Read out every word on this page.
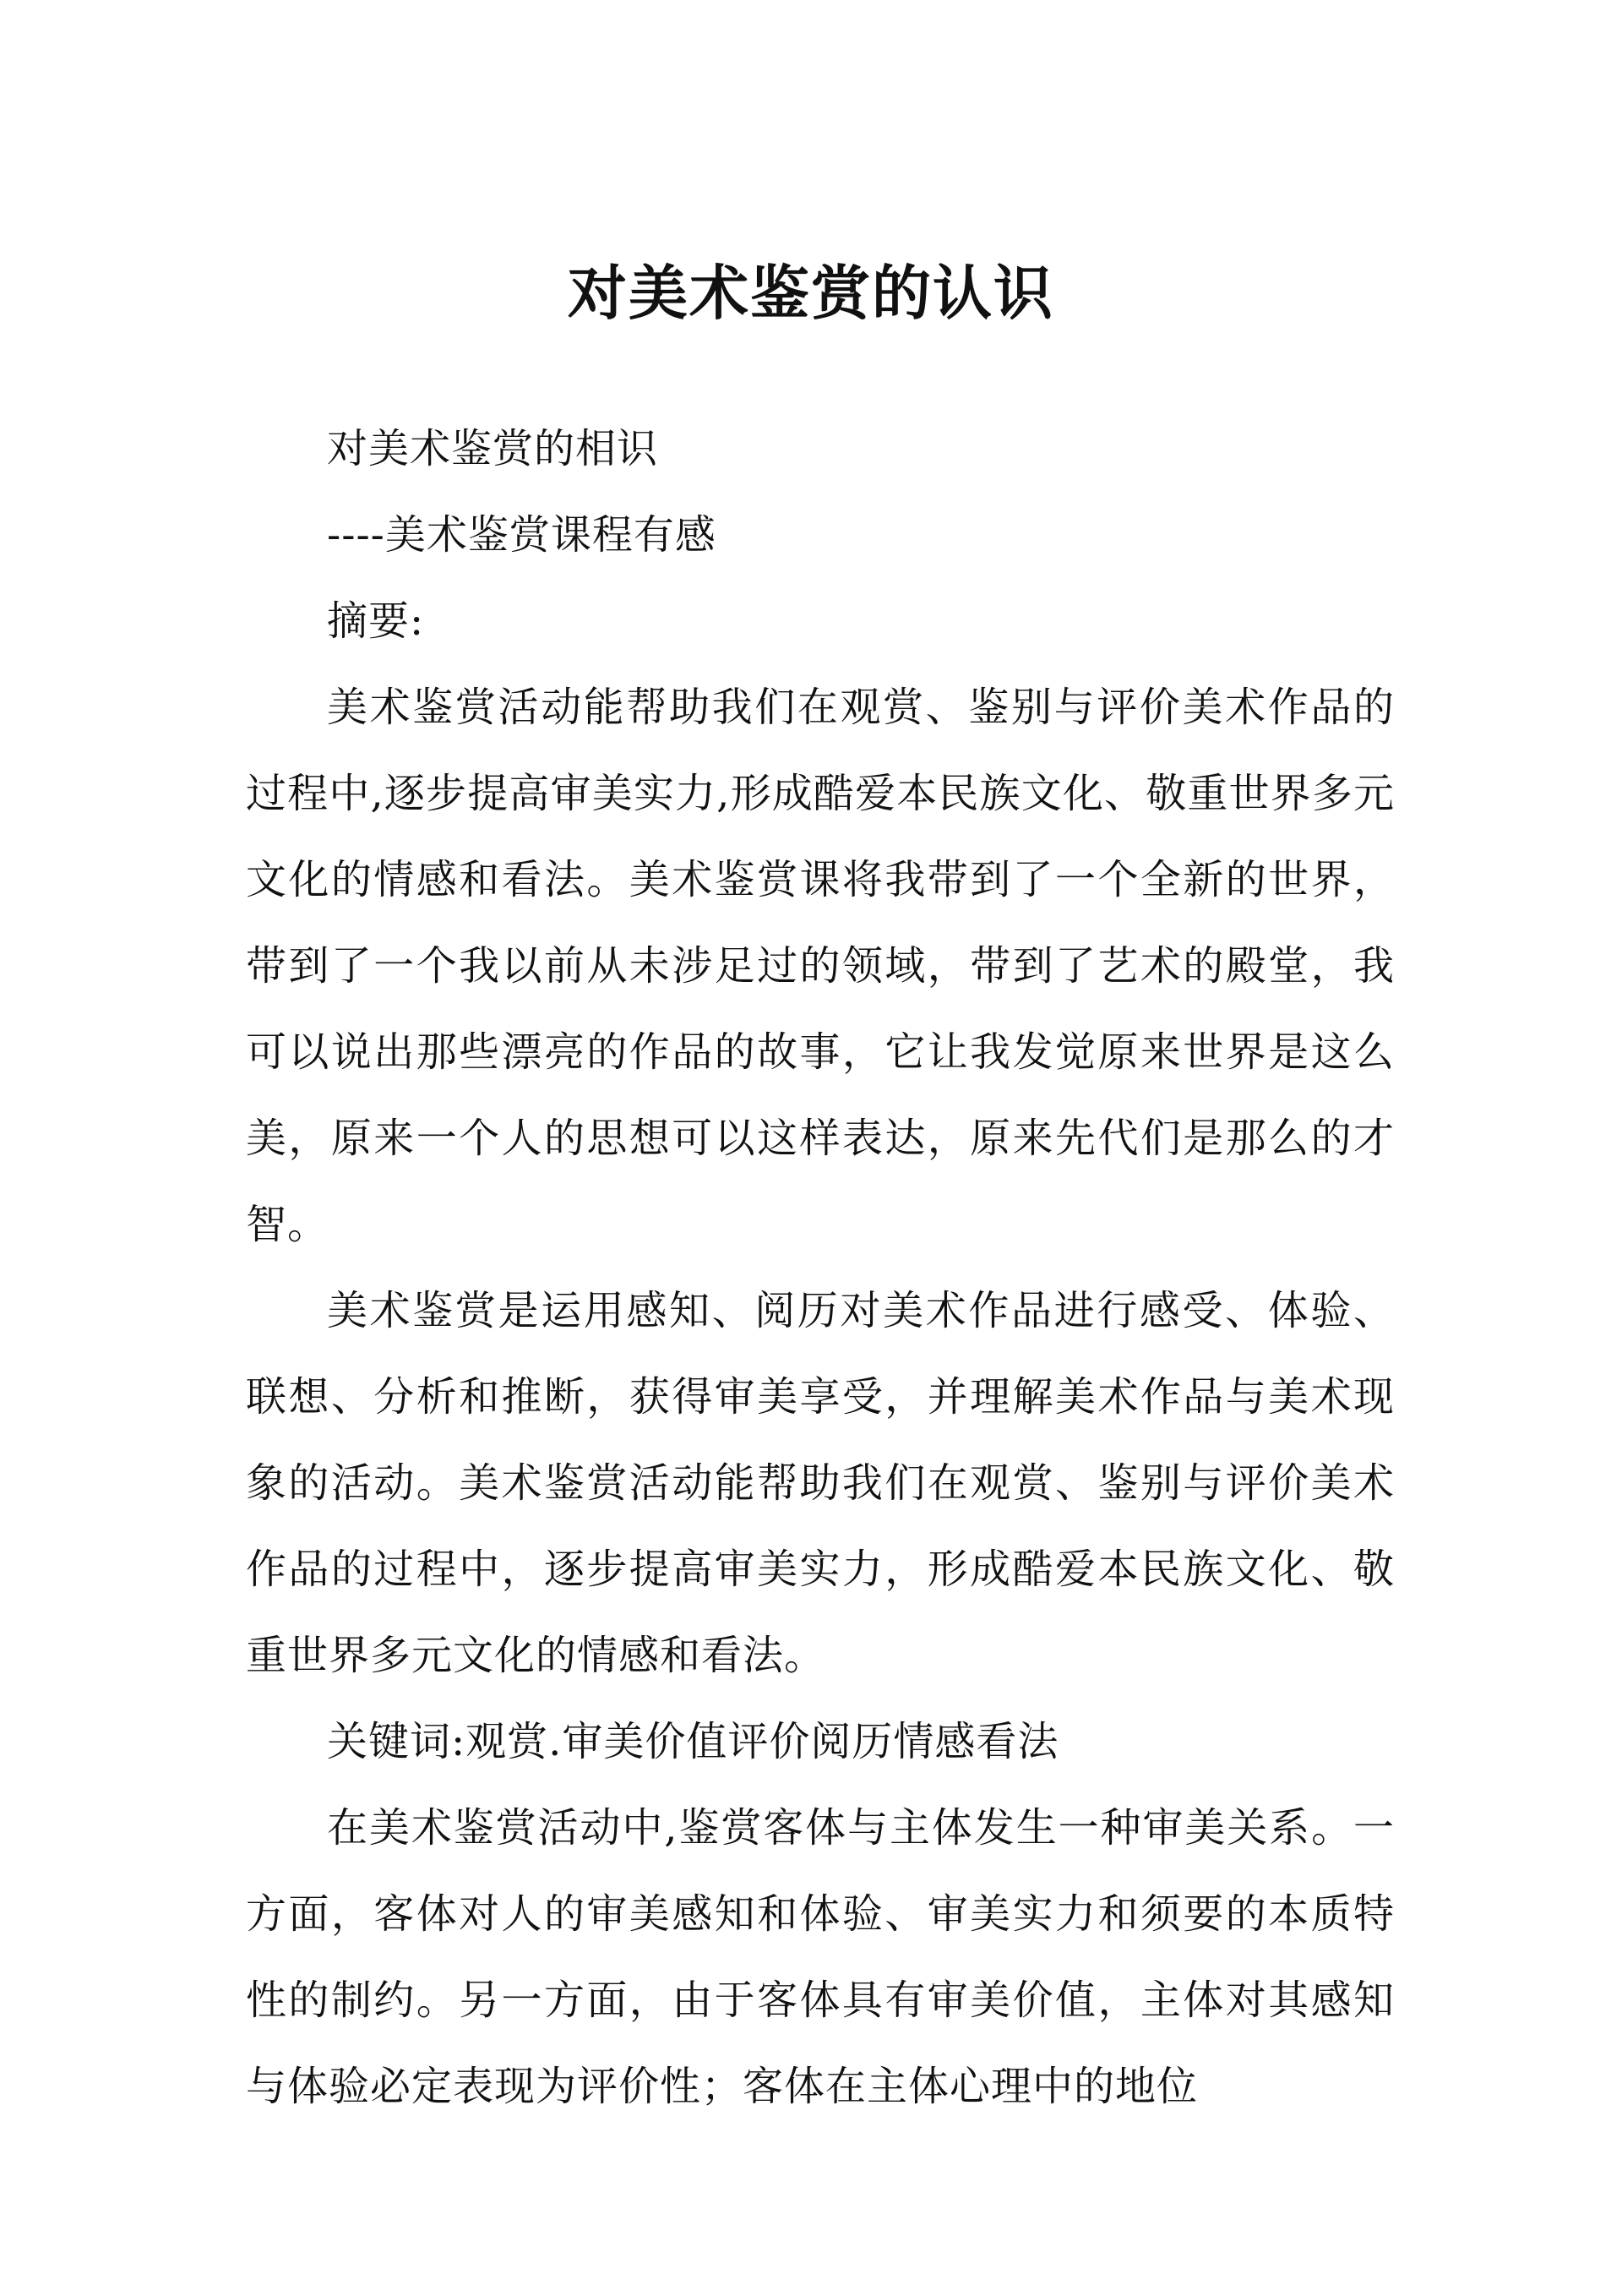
对美术鉴赏的认识

对美术鉴赏的相识

----美术鉴赏课程有感

摘要:

美术鉴赏活动能帮助我们在观赏、鉴别与评价美术作品的过程中,逐步提高审美实力,形成酷爱本民族文化、敬重世界多元文化的情感和看法。美术鉴赏课将我带到了一个全新的世界，带到了一个我以前从未涉足过的领域，带到了艺术的殿堂，我可以说出那些漂亮的作品的故事，它让我发觉原来世界是这么美，原来一个人的思想可以这样表达，原来先代们是那么的才智。

美术鉴赏是运用感知、阅历对美术作品进行感受、体验、联想、分析和推断，获得审美享受，并理解美术作品与美术现象的活动。美术鉴赏活动能帮助我们在观赏、鉴别与评价美术作品的过程中，逐步提高审美实力，形成酷爱本民族文化、敬重世界多元文化的情感和看法。

关键词:观赏.审美价值评价阅历情感看法

在美术鉴赏活动中,鉴赏客体与主体发生一种审美关系。一方面，客体对人的审美感知和体验、审美实力和须要的本质特性的制约。另一方面，由于客体具有审美价值，主体对其感知与体验必定表现为评价性；客体在主体心理中的地位
